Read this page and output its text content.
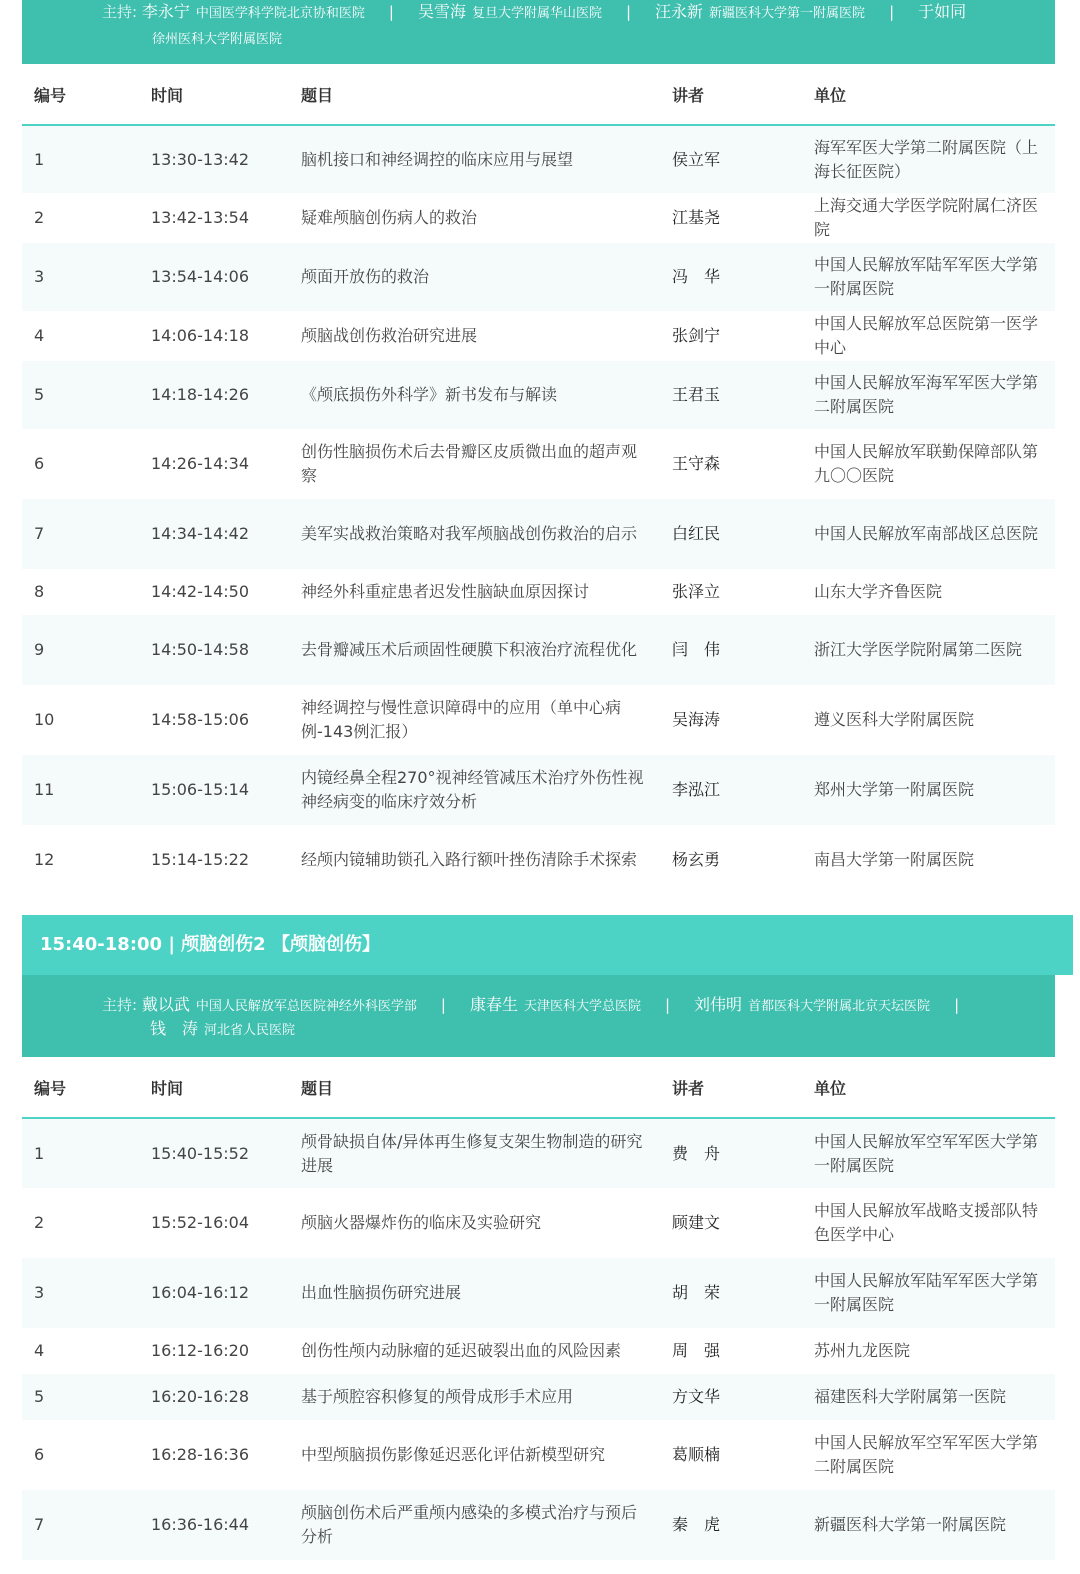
主持: 李永宁 中国医学科学院北京协和医院 | 吴雪海 复旦大学附属华山医院 | 汪永新 新疆医科大学第一附属医院 | 于如同
徐州医科大学附属医院
编号	时间	题目	讲者	单位
1	13:30-13:42	脑机接口和神经调控的临床应用与展望	侯立军	海军军医大学第二附属医院（上海长征医院）
2	13:42-13:54	疑难颅脑创伤病人的救治	江基尧	上海交通大学医学院附属仁济医院
3	13:54-14:06	颅面开放伤的救治	冯　华	中国人民解放军陆军军医大学第一附属医院
4	14:06-14:18	颅脑战创伤救治研究进展	张剑宁	中国人民解放军总医院第一医学中心
5	14:18-14:26	《颅底损伤外科学》新书发布与解读	王君玉	中国人民解放军海军军医大学第二附属医院
6	14:26-14:34	创伤性脑损伤术后去骨瓣区皮质微出血的超声观察	王守森	中国人民解放军联勤保障部队第九〇〇医院
7	14:34-14:42	美军实战救治策略对我军颅脑战创伤救治的启示	白红民	中国人民解放军南部战区总医院
8	14:42-14:50	神经外科重症患者迟发性脑缺血原因探讨	张泽立	山东大学齐鲁医院
9	14:50-14:58	去骨瓣减压术后顽固性硬膜下积液治疗流程优化	闫　伟	浙江大学医学院附属第二医院
10	14:58-15:06	神经调控与慢性意识障碍中的应用（单中心病例-143例汇报）	吴海涛	遵义医科大学附属医院
11	15:06-15:14	内镜经鼻全程270°视神经管减压术治疗外伤性视神经病变的临床疗效分析	李泓江	郑州大学第一附属医院
12	15:14-15:22	经颅内镜辅助锁孔入路行额叶挫伤清除手术探索	杨玄勇	南昌大学第一附属医院
15:40-18:00 | 颅脑创伤2 【颅脑创伤】
主持: 戴以武 中国人民解放军总医院神经外科医学部 | 康春生 天津医科大学总医院 | 刘伟明 首都医科大学附属北京天坛医院 |
钱　涛 河北省人民医院
编号	时间	题目	讲者	单位
1	15:40-15:52	颅骨缺损自体/异体再生修复支架生物制造的研究进展	费　舟	中国人民解放军空军军医大学第一附属医院
2	15:52-16:04	颅脑火器爆炸伤的临床及实验研究	顾建文	中国人民解放军战略支援部队特色医学中心
3	16:04-16:12	出血性脑损伤研究进展	胡　荣	中国人民解放军陆军军医大学第一附属医院
4	16:12-16:20	创伤性颅内动脉瘤的延迟破裂出血的风险因素	周　强	苏州九龙医院
5	16:20-16:28	基于颅腔容积修复的颅骨成形手术应用	方文华	福建医科大学附属第一医院
6	16:28-16:36	中型颅脑损伤影像延迟恶化评估新模型研究	葛顺楠	中国人民解放军空军军医大学第二附属医院
7	16:36-16:44	颅脑创伤术后严重颅内感染的多模式治疗与预后分析	秦　虎	新疆医科大学第一附属医院
